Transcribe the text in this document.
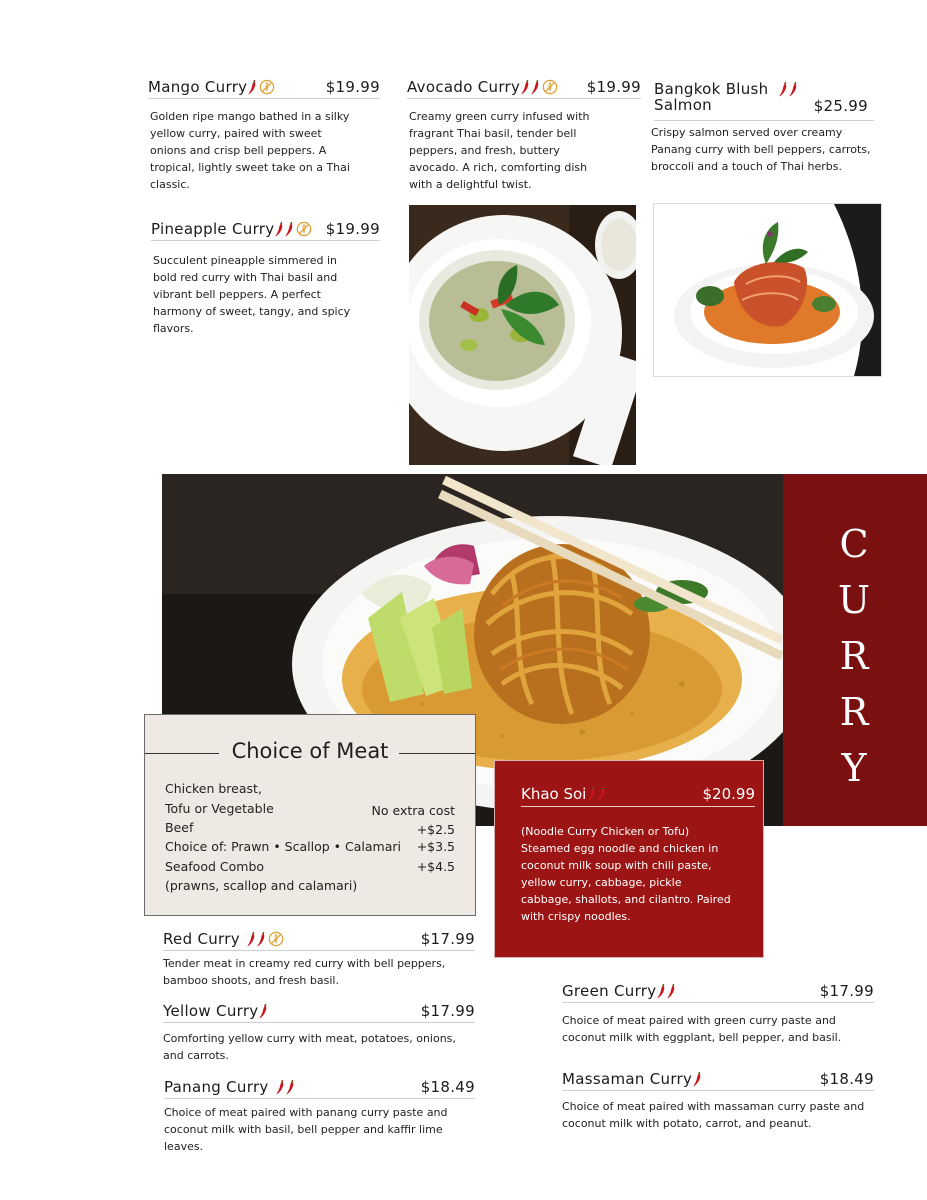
Mango Curry	$19.99
Golden ripe mango bathed in a silky yellow curry, paired with sweet onions and crisp bell peppers. A tropical, lightly sweet take on a Thai classic.
Pineapple Curry	$19.99
Succulent pineapple simmered in bold red curry with Thai basil and vibrant bell peppers. A perfect harmony of sweet, tangy, and spicy flavors.
Avocado Curry	$19.99
Creamy green curry infused with fragrant Thai basil, tender bell peppers, and fresh, buttery avocado. A rich, comforting dish with a delightful twist.
Bangkok Blush
Salmon	$25.99
Crispy salmon served over creamy Panang curry with bell peppers, carrots, broccoli and a touch of Thai herbs.
C
U
R
R
Y
Choice of Meat
Chicken breast,
Tofu or Vegetable	No extra cost
Beef	+$2.5
Choice of: Prawn • Scallop • Calamari +$3.5
Seafood Combo	+$4.5
(prawns, scallop and calamari)
Khao Soi	$20.99
(Noodle Curry Chicken or Tofu) Steamed egg noodle and chicken in coconut milk soup with chili paste, yellow curry, cabbage, pickle cabbage, shallots, and cilantro. Paired with crispy noodles.
Red Curry	$17.99
Tender meat in creamy red curry with bell peppers, bamboo shoots, and fresh basil.
Yellow Curry	$17.99
Comforting yellow curry with meat, potatoes, onions, and carrots.
Panang Curry	$18.49
Choice of meat paired with panang curry paste and coconut milk with basil, bell pepper and kaffir lime leaves.
Green Curry	$17.99
Choice of meat paired with green curry paste and coconut milk with eggplant, bell pepper, and basil.
Massaman Curry	$18.49
Choice of meat paired with massaman curry paste and coconut milk with potato, carrot, and peanut.
